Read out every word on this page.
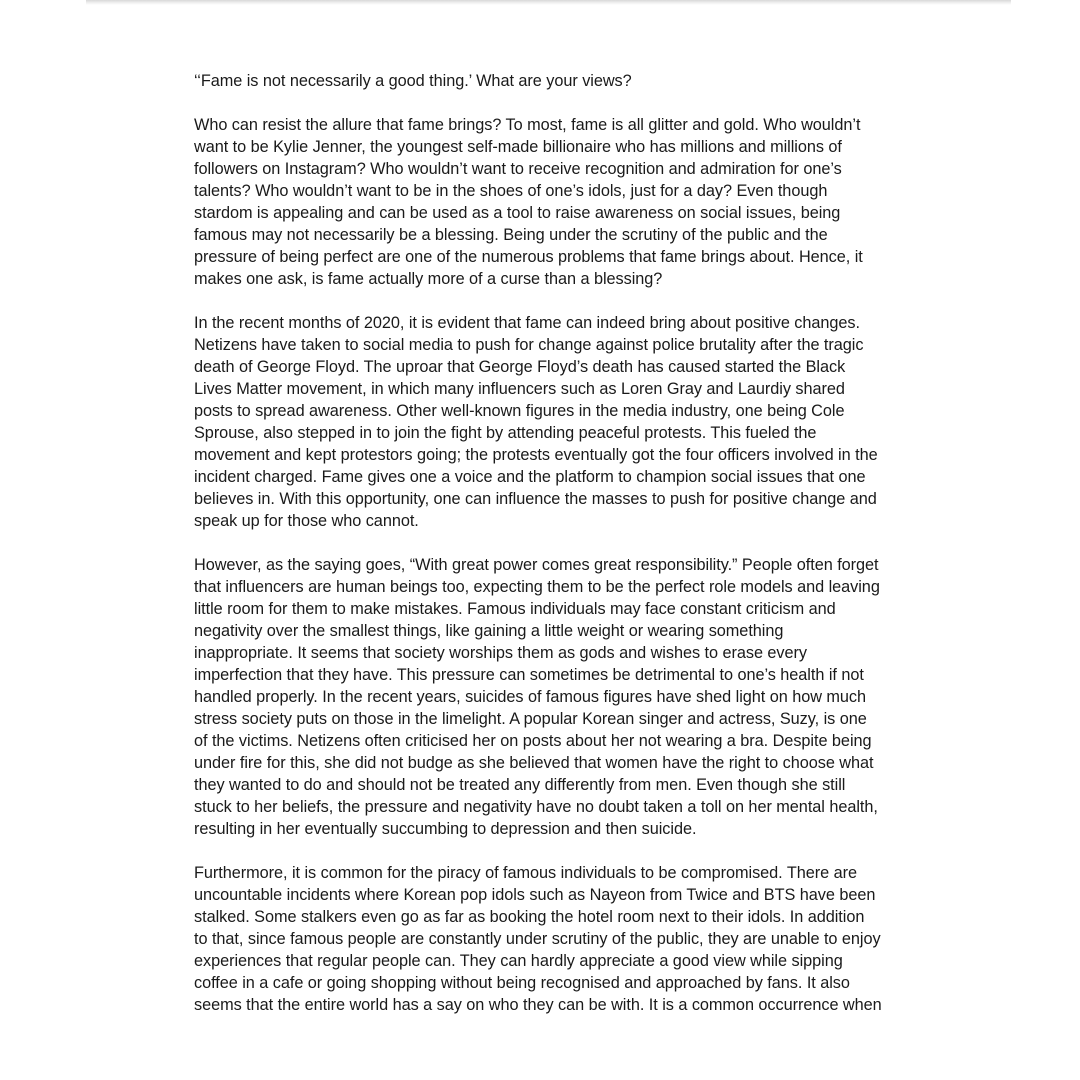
‘‘Fame is not necessarily a good thing.’ What are your views?

Who can resist the allure that fame brings? To most, fame is all glitter and gold. Who wouldn’t
want to be Kylie Jenner, the youngest self-made billionaire who has millions and millions of
followers on Instagram? Who wouldn’t want to receive recognition and admiration for one’s
talents? Who wouldn’t want to be in the shoes of one’s idols, just for a day? Even though
stardom is appealing and can be used as a tool to raise awareness on social issues, being
famous may not necessarily be a blessing. Being under the scrutiny of the public and the
pressure of being perfect are one of the numerous problems that fame brings about. Hence, it
makes one ask, is fame actually more of a curse than a blessing?

In the recent months of 2020, it is evident that fame can indeed bring about positive changes.
Netizens have taken to social media to push for change against police brutality after the tragic
death of George Floyd. The uproar that George Floyd’s death has caused started the Black
Lives Matter movement, in which many influencers such as Loren Gray and Laurdiy shared
posts to spread awareness. Other well-known figures in the media industry, one being Cole
Sprouse, also stepped in to join the fight by attending peaceful protests. This fueled the
movement and kept protestors going; the protests eventually got the four officers involved in the
incident charged. Fame gives one a voice and the platform to champion social issues that one
believes in. With this opportunity, one can influence the masses to push for positive change and
speak up for those who cannot.

However, as the saying goes, “With great power comes great responsibility.” People often forget
that influencers are human beings too, expecting them to be the perfect role models and leaving
little room for them to make mistakes. Famous individuals may face constant criticism and
negativity over the smallest things, like gaining a little weight or wearing something
inappropriate. It seems that society worships them as gods and wishes to erase every
imperfection that they have. This pressure can sometimes be detrimental to one’s health if not
handled properly. In the recent years, suicides of famous figures have shed light on how much
stress society puts on those in the limelight. A popular Korean singer and actress, Suzy, is one
of the victims. Netizens often criticised her on posts about her not wearing a bra. Despite being
under fire for this, she did not budge as she believed that women have the right to choose what
they wanted to do and should not be treated any differently from men. Even though she still
stuck to her beliefs, the pressure and negativity have no doubt taken a toll on her mental health,
resulting in her eventually succumbing to depression and then suicide.

Furthermore, it is common for the piracy of famous individuals to be compromised. There are
uncountable incidents where Korean pop idols such as Nayeon from Twice and BTS have been
stalked. Some stalkers even go as far as booking the hotel room next to their idols. In addition
to that, since famous people are constantly under scrutiny of the public, they are unable to enjoy
experiences that regular people can. They can hardly appreciate a good view while sipping
coffee in a cafe or going shopping without being recognised and approached by fans. It also
seems that the entire world has a say on who they can be with. It is a common occurrence when
